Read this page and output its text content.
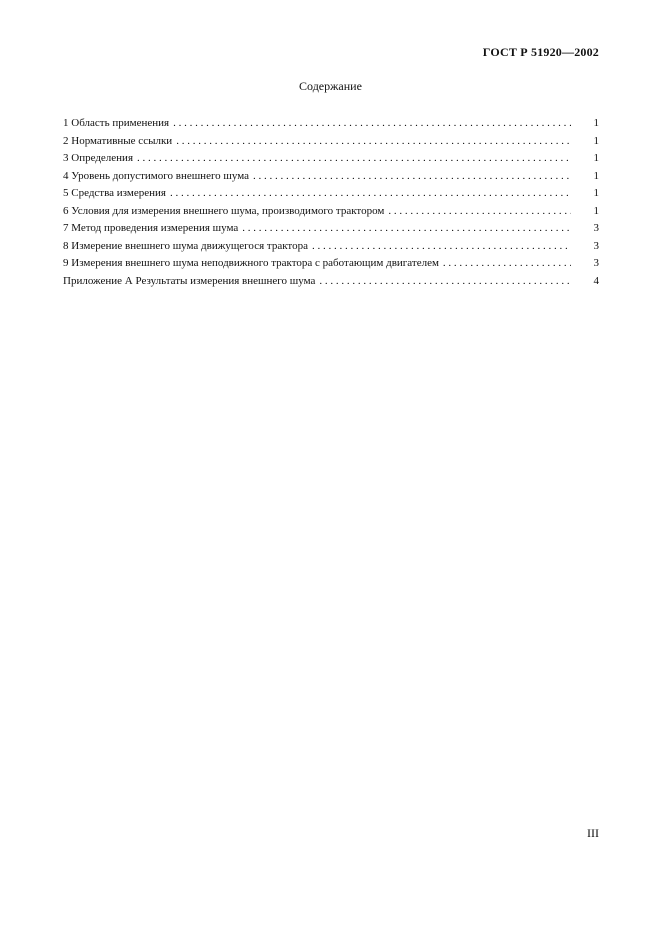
ГОСТ Р 51920—2002
Содержание
1 Область применения . . .	1
2 Нормативные ссылки . . .	1
3 Определения . . .	1
4 Уровень допустимого внешнего шума . . .	1
5 Средства измерения . . .	1
6 Условия для измерения внешнего шума, производимого трактором . . .	1
7 Метод проведения измерения шума . . .	3
8 Измерение внешнего шума движущегося трактора . . .	3
9 Измерения внешнего шума неподвижного трактора с работающим двигателем . . .	3
Приложение А Результаты измерения внешнего шума . . .	4
III
